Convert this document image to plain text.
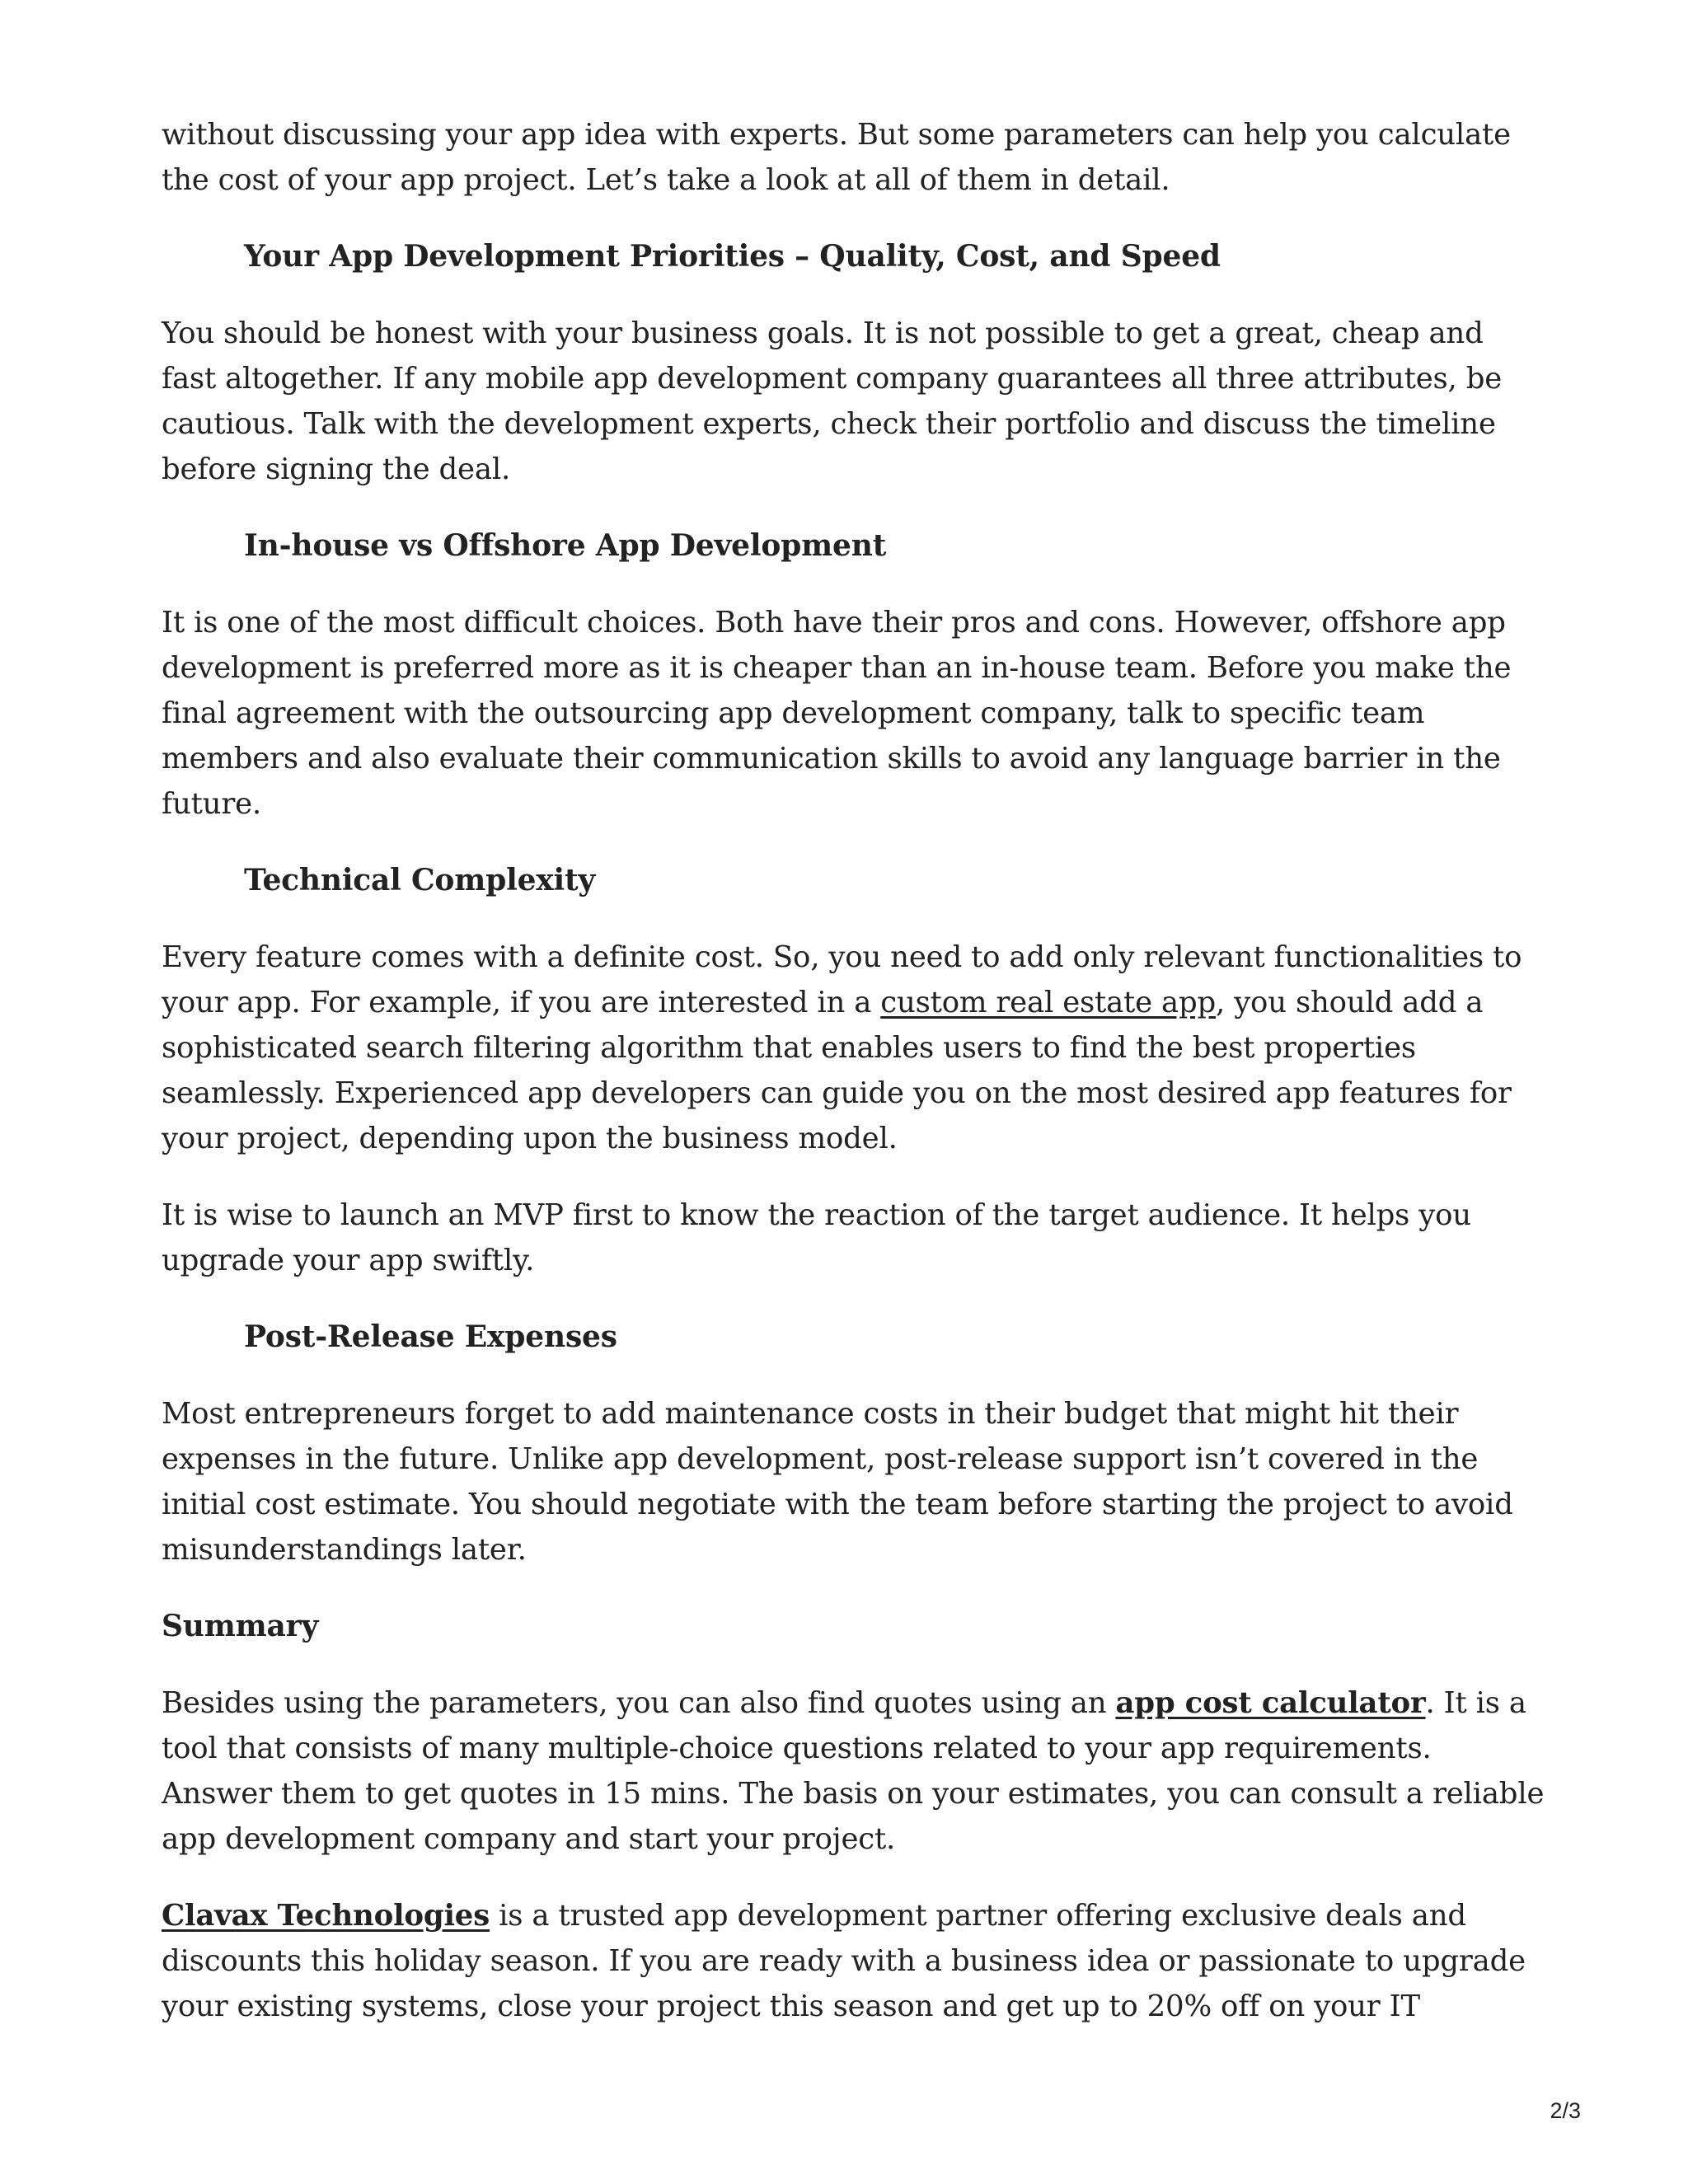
without discussing your app idea with experts. But some parameters can help you calculate the cost of your app project. Let’s take a look at all of them in detail.

Your App Development Priorities – Quality, Cost, and Speed

You should be honest with your business goals. It is not possible to get a great, cheap and fast altogether. If any mobile app development company guarantees all three attributes, be cautious. Talk with the development experts, check their portfolio and discuss the timeline before signing the deal.

In-house vs Offshore App Development

It is one of the most difficult choices. Both have their pros and cons. However, offshore app development is preferred more as it is cheaper than an in-house team. Before you make the final agreement with the outsourcing app development company, talk to specific team members and also evaluate their communication skills to avoid any language barrier in the future.

Technical Complexity

Every feature comes with a definite cost. So, you need to add only relevant functionalities to your app. For example, if you are interested in a custom real estate app, you should add a sophisticated search filtering algorithm that enables users to find the best properties seamlessly. Experienced app developers can guide you on the most desired app features for your project, depending upon the business model.

It is wise to launch an MVP first to know the reaction of the target audience. It helps you upgrade your app swiftly.

Post-Release Expenses

Most entrepreneurs forget to add maintenance costs in their budget that might hit their expenses in the future. Unlike app development, post-release support isn’t covered in the initial cost estimate. You should negotiate with the team before starting the project to avoid misunderstandings later.

Summary

Besides using the parameters, you can also find quotes using an app cost calculator. It is a tool that consists of many multiple-choice questions related to your app requirements. Answer them to get quotes in 15 mins. The basis on your estimates, you can consult a reliable app development company and start your project.

Clavax Technologies is a trusted app development partner offering exclusive deals and discounts this holiday season. If you are ready with a business idea or passionate to upgrade your existing systems, close your project this season and get up to 20% off on your IT

2/3
